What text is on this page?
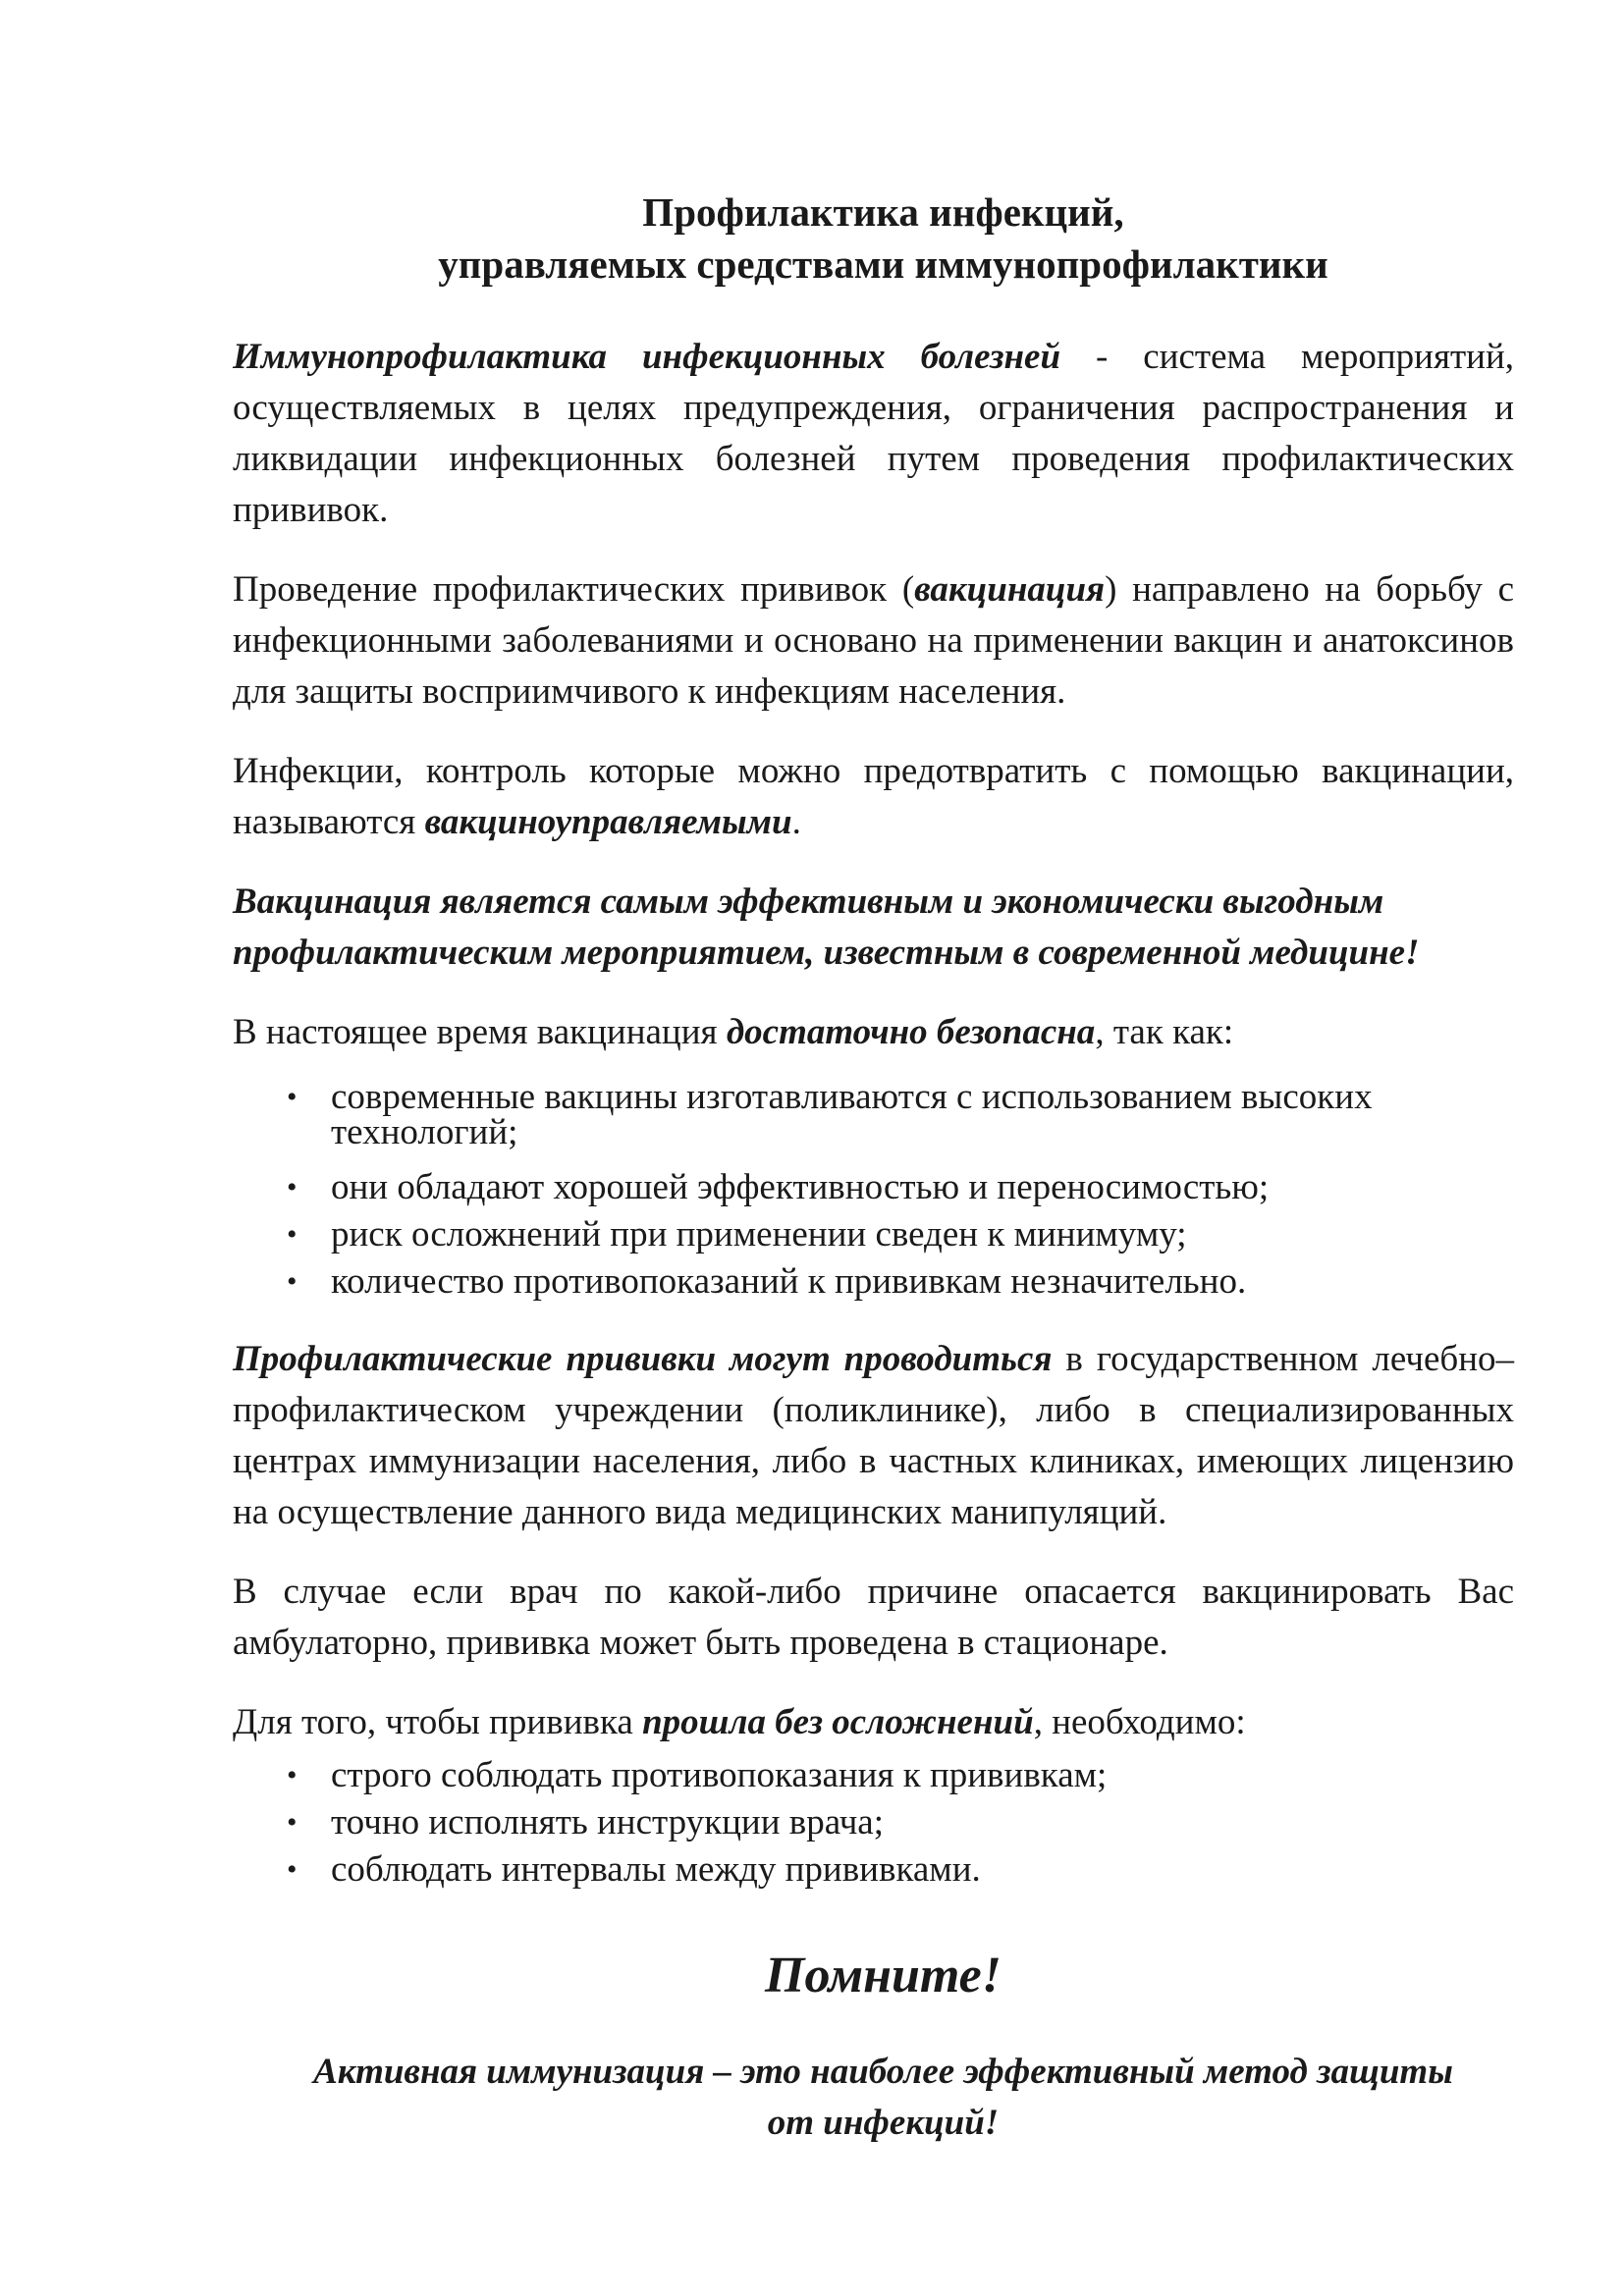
Профилактика инфекций,
управляемых средствами иммунопрофилактики

Иммунопрофилактика инфекционных болезней - система мероприятий, осуществляемых в целях предупреждения, ограничения распространения и ликвидации инфекционных болезней путем проведения профилактических прививок.

Проведение профилактических прививок (вакцинация) направлено на борьбу с инфекционными заболеваниями и основано на применении вакцин и анатоксинов для защиты восприимчивого к инфекциям населения.

Инфекции, контроль которые можно предотвратить с помощью вакцинации, называются вакциноуправляемыми.

Вакцинация является самым эффективным и экономически выгодным профилактическим мероприятием, известным в современной медицине!

В настоящее время вакцинация достаточно безопасна, так как:

• современные вакцины изготавливаются с использованием высоких технологий;
• они обладают хорошей эффективностью и переносимостью;
• риск осложнений при применении сведен к минимуму;
• количество противопоказаний к прививкам незначительно.

Профилактические прививки могут проводиться в государственном лечебно–профилактическом учреждении (поликлинике), либо в специализированных центрах иммунизации населения, либо в частных клиниках, имеющих лицензию на осуществление данного вида медицинских манипуляций.

В случае если врач по какой-либо причине опасается вакцинировать Вас амбулаторно, прививка может быть проведена в стационаре.

Для того, чтобы прививка прошла без осложнений, необходимо:

• строго соблюдать противопоказания к прививкам;
• точно исполнять инструкции врача;
• соблюдать интервалы между прививками.
Помните!
Активная иммунизация – это наиболее эффективный метод защиты
от инфекций!
